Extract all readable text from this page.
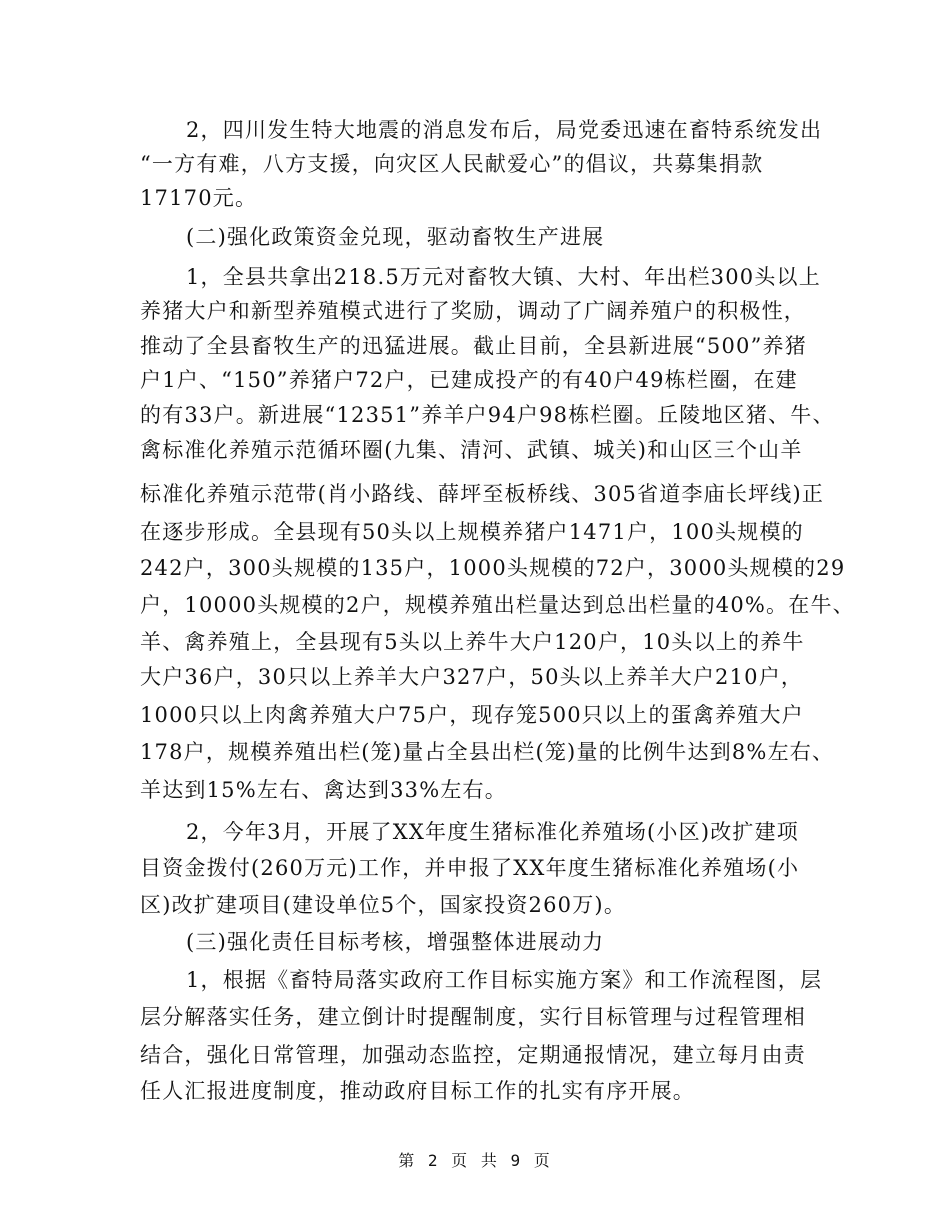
2，四川发生特大地震的消息发布后，局党委迅速在畜特系统发出
“一方有难，八方支援，向灾区人民献爱心”的倡议，共募集捐款
17170元。
(二)强化政策资金兑现，驱动畜牧生产进展
1，全县共拿出218.5万元对畜牧大镇、大村、年出栏300头以上
养猪大户和新型养殖模式进行了奖励，调动了广阔养殖户的积极性，
推动了全县畜牧生产的迅猛进展。截止目前，全县新进展“500”养猪
户1户、“150”养猪户72户，已建成投产的有40户49栋栏圈，在建
的有33户。新进展“12351”养羊户94户98栋栏圈。丘陵地区猪、牛、
禽标准化养殖示范循环圈(九集、清河、武镇、城关)和山区三个山羊
标准化养殖示范带(肖小路线、薛坪至板桥线、305省道李庙长坪线)正
在逐步形成。全县现有50头以上规模养猪户1471户，100头规模的
242户，300头规模的135户，1000头规模的72户，3000头规模的29
户，10000头规模的2户，规模养殖出栏量达到总出栏量的40%。在牛、
羊、禽养殖上，全县现有5头以上养牛大户120户，10头以上的养牛
大户36户，30只以上养羊大户327户，50头以上养羊大户210户，
1000只以上肉禽养殖大户75户，现存笼500只以上的蛋禽养殖大户
178户，规模养殖出栏(笼)量占全县出栏(笼)量的比例牛达到8%左右、
羊达到15%左右、禽达到33%左右。
2，今年3月，开展了XX年度生猪标准化养殖场(小区)改扩建项
目资金拨付(260万元)工作，并申报了XX年度生猪标准化养殖场(小
区)改扩建项目(建设单位5个，国家投资260万)。
(三)强化责任目标考核，增强整体进展动力
1，根据《畜特局落实政府工作目标实施方案》和工作流程图，层
层分解落实任务，建立倒计时提醒制度，实行目标管理与过程管理相
结合，强化日常管理，加强动态监控，定期通报情况，建立每月由责
任人汇报进度制度，推动政府目标工作的扎实有序开展。
第 2 页 共 9 页
